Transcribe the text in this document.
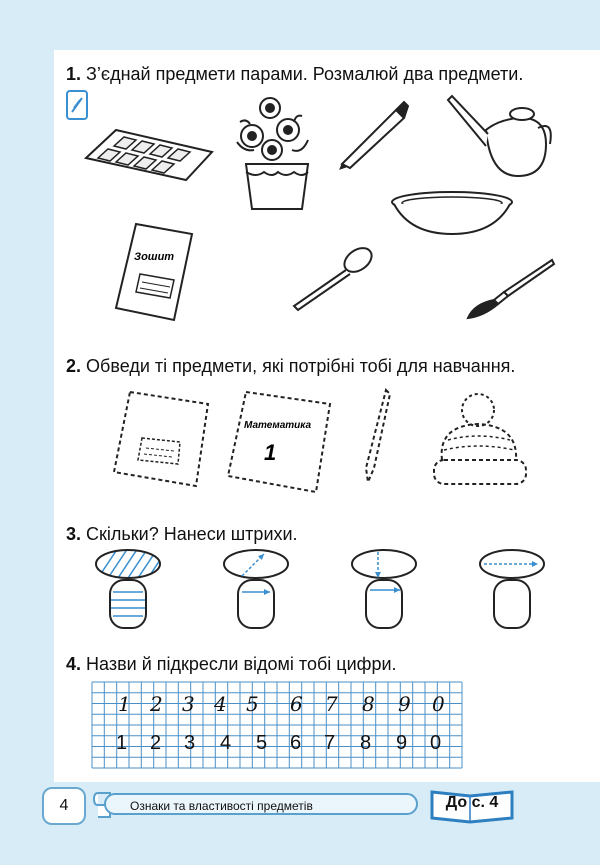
1. З’єднай предмети парами. Розмалюй два предмети.
Зошит
2. Обведи ті предмети, які потрібні тобі для навчання.
Математика
1
3. Скільки? Нанеси штрихи.
4. Назви й підкресли відомі тобі цифри.
1 2 3 4 5 6 7 8 9 0
1 2 3 4 5 6 7 8 9 0
4	Ознаки та властивості предметів	До с. 4
